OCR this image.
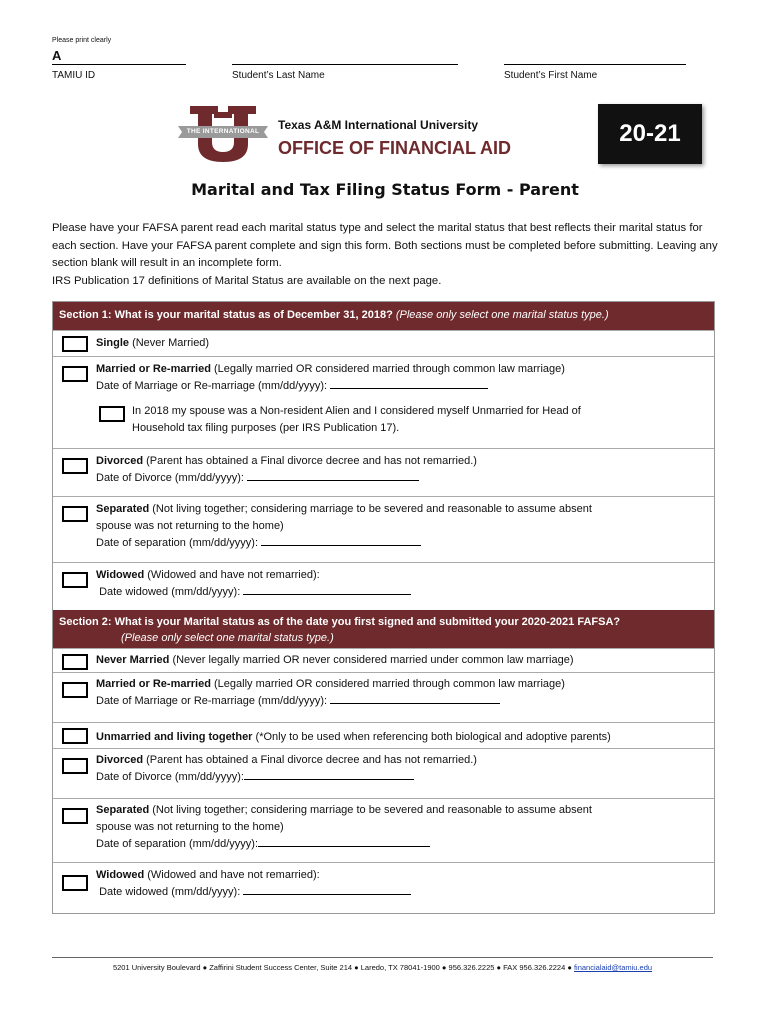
Please print clearly
A
TAMIU ID	Student’s Last Name	Student’s First Name
THE INTERNATIONAL Texas A&M International University
OFFICE OF FINANCIAL AID
20-21
Marital and Tax Filing Status Form - Parent
Please have your FAFSA parent read each marital status type and select the marital status that best reflects their marital status for each section. Have your FAFSA parent complete and sign this form. Both sections must be completed before submitting. Leaving any section blank will result in an incomplete form.
IRS Publication 17 definitions of Marital Status are available on the next page.
Section 1: What is your marital status as of December 31, 2018? (Please only select one marital status type.)
Single (Never Married)
Married or Re-married (Legally married OR considered married through common law marriage)
Date of Marriage or Re-marriage (mm/dd/yyyy):
In 2018 my spouse was a Non-resident Alien and I considered myself Unmarried for Head of
Household tax filing purposes (per IRS Publication 17).
Divorced (Parent has obtained a Final divorce decree and has not remarried.)
Date of Divorce (mm/dd/yyyy):
Separated (Not living together; considering marriage to be severed and reasonable to assume absent
spouse was not returning to the home)
Date of separation (mm/dd/yyyy):
Widowed (Widowed and have not remarried):
Date widowed (mm/dd/yyyy):
Section 2: What is your Marital status as of the date you first signed and submitted your 2020-2021 FAFSA?
(Please only select one marital status type.)
Never Married (Never legally married OR never considered married under common law marriage)
Married or Re-married (Legally married OR considered married through common law marriage)
Date of Marriage or Re-marriage (mm/dd/yyyy):
Unmarried and living together (*Only to be used when referencing both biological and adoptive parents)
Divorced (Parent has obtained a Final divorce decree and has not remarried.)
Date of Divorce (mm/dd/yyyy):
Separated (Not living together; considering marriage to be severed and reasonable to assume absent
spouse was not returning to the home)
Date of separation (mm/dd/yyyy):
Widowed (Widowed and have not remarried):
Date widowed (mm/dd/yyyy):
5201 University Boulevard ● Zaffirini Student Success Center, Suite 214 ● Laredo, TX 78041-1900 ● 956.326.2225 ● FAX 956.326.2224 ● financialaid@tamiu.edu
